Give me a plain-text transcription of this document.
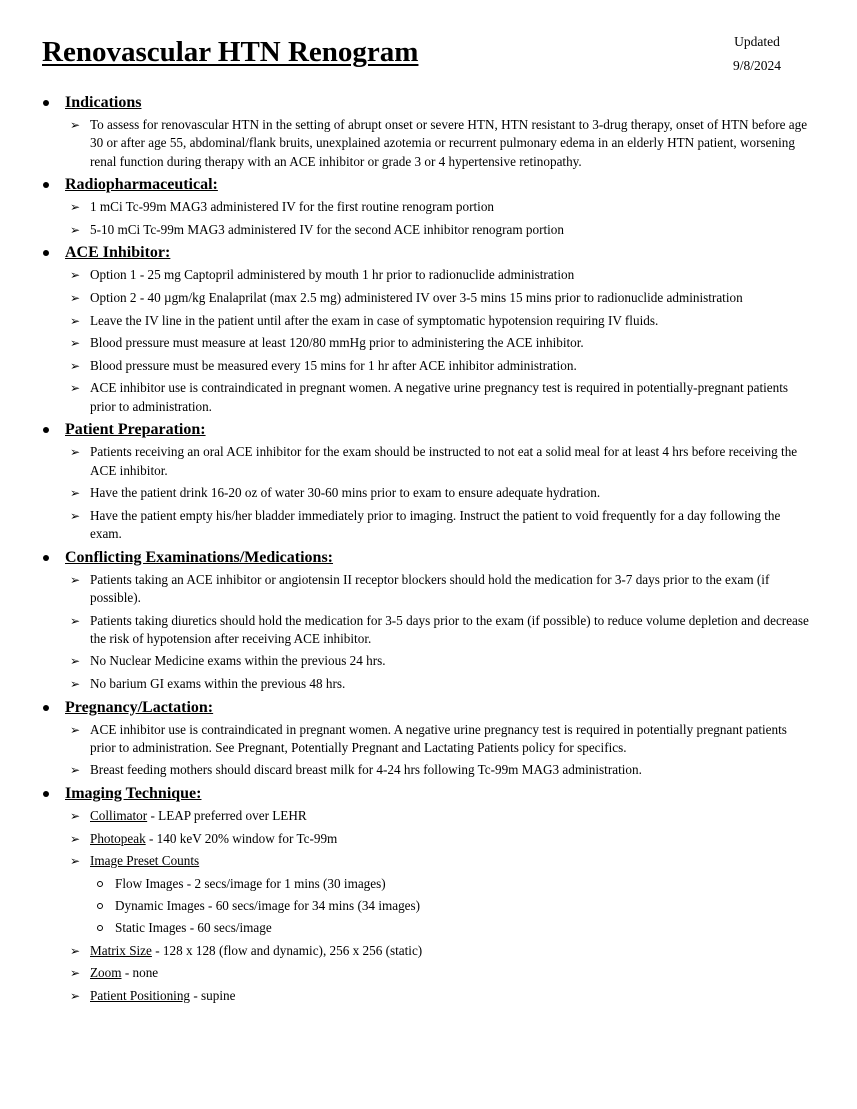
Renovascular HTN Renogram	Updated
9/8/2024
Indications
➢ To assess for renovascular HTN in the setting of abrupt onset or severe HTN, HTN resistant to 3-drug therapy, onset of HTN before age 30 or after age 55, abdominal/flank bruits, unexplained azotemia or recurrent pulmonary edema in an elderly HTN patient, worsening renal function during therapy with an ACE inhibitor or grade 3 or 4 hypertensive retinopathy.
Radiopharmaceutical:
➢ 1 mCi Tc-99m MAG3 administered IV for the first routine renogram portion
➢ 5-10 mCi Tc-99m MAG3 administered IV for the second ACE inhibitor renogram portion
ACE Inhibitor:
➢ Option 1 - 25 mg Captopril administered by mouth 1 hr prior to radionuclide administration
➢ Option 2 - 40 µgm/kg Enalaprilat (max 2.5 mg) administered IV over 3-5 mins 15 mins prior to radionuclide administration
➢ Leave the IV line in the patient until after the exam in case of symptomatic hypotension requiring IV fluids.
➢ Blood pressure must measure at least 120/80 mmHg prior to administering the ACE inhibitor.
➢ Blood pressure must be measured every 15 mins for 1 hr after ACE inhibitor administration.
➢ ACE inhibitor use is contraindicated in pregnant women. A negative urine pregnancy test is required in potentially-pregnant patients prior to administration.
Patient Preparation:
➢ Patients receiving an oral ACE inhibitor for the exam should be instructed to not eat a solid meal for at least 4 hrs before receiving the ACE inhibitor.
➢ Have the patient drink 16-20 oz of water 30-60 mins prior to exam to ensure adequate hydration.
➢ Have the patient empty his/her bladder immediately prior to imaging. Instruct the patient to void frequently for a day following the exam.
Conflicting Examinations/Medications:
➢ Patients taking an ACE inhibitor or angiotensin II receptor blockers should hold the medication for 3-7 days prior to the exam (if possible).
➢ Patients taking diuretics should hold the medication for 3-5 days prior to the exam (if possible) to reduce volume depletion and decrease the risk of hypotension after receiving ACE inhibitor.
➢ No Nuclear Medicine exams within the previous 24 hrs.
➢ No barium GI exams within the previous 48 hrs.
Pregnancy/Lactation:
➢ ACE inhibitor use is contraindicated in pregnant women. A negative urine pregnancy test is required in potentially pregnant patients prior to administration. See Pregnant, Potentially Pregnant and Lactating Patients policy for specifics.
➢ Breast feeding mothers should discard breast milk for 4-24 hrs following Tc-99m MAG3 administration.
Imaging Technique:
➢ Collimator - LEAP preferred over LEHR
➢ Photopeak - 140 keV 20% window for Tc-99m
➢ Image Preset Counts
Flow Images - 2 secs/image for 1 mins (30 images)
Dynamic Images - 60 secs/image for 34 mins (34 images)
Static Images - 60 secs/image
➢ Matrix Size - 128 x 128 (flow and dynamic), 256 x 256 (static)
➢ Zoom - none
➢ Patient Positioning - supine
